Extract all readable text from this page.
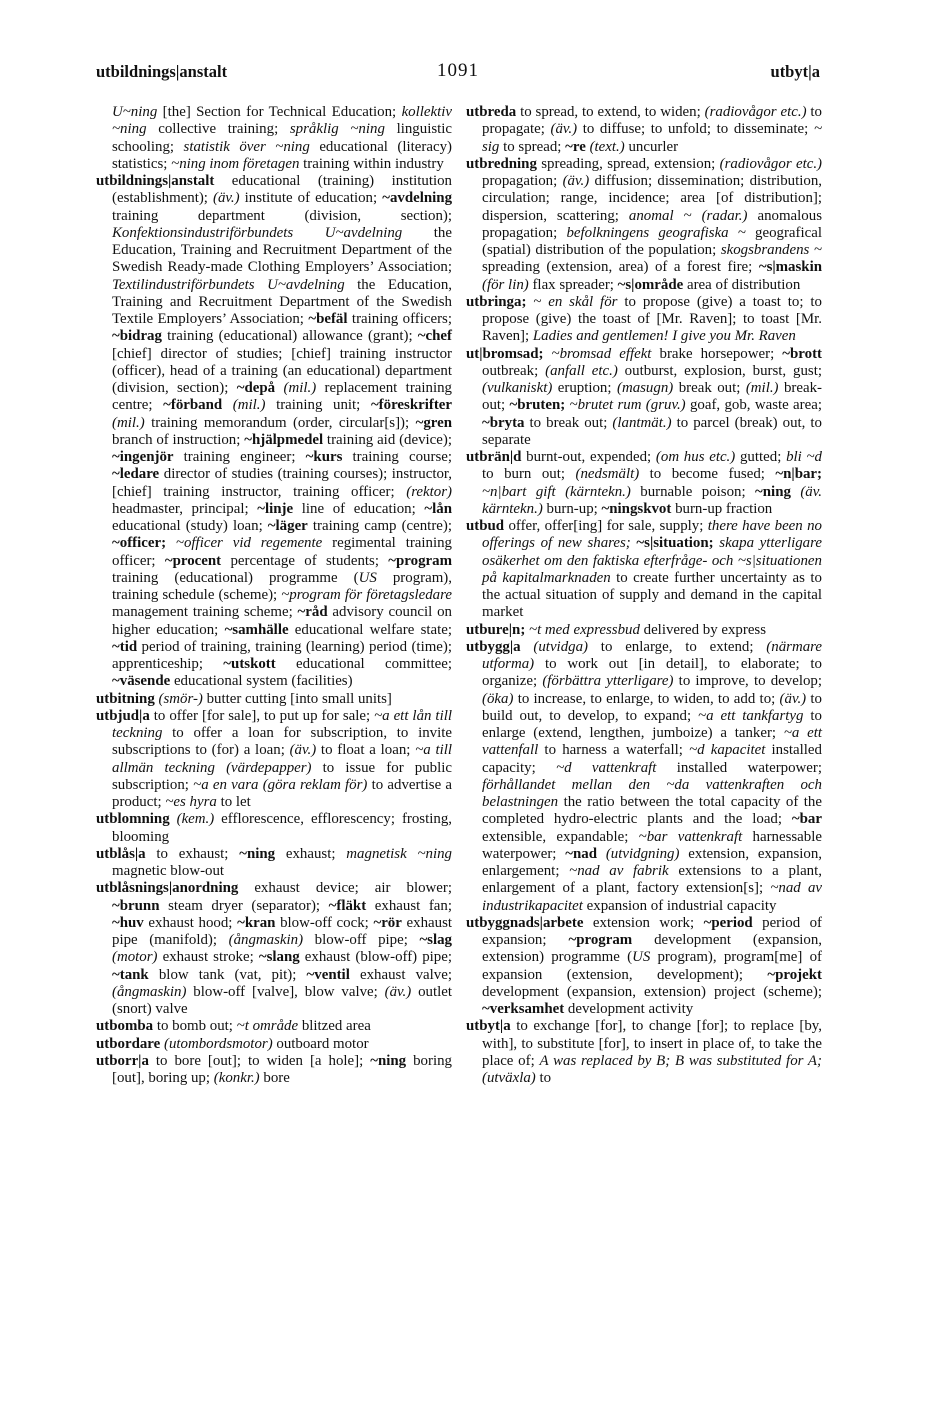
utbildnings|anstalt	1091	utbyt|a

U~ning [the] Section for Technical Education; kollektiv ~ning collective training; språklig ~ning linguistic schooling; statistik över ~ning educational (literacy) statistics; ~ning inom företagen training within industry

utbildnings|anstalt educational (training) institution (establishment); (äv.) institute of education; ~avdelning training department (division, section); Konfektionsindustriförbundets U~avdelning the Education, Training and Recruitment Department of the Swedish Ready-made Clothing Employers’ Association; Textilindustriförbundets U~avdelning the Education, Training and Recruitment Department of the Swedish Textile Employers’ Association; ~befäl training officers; ~bidrag training (educational) allowance (grant); ~chef [chief] director of studies; [chief] training instructor (officer), head of a training (an educational) department (division, section); ~depå (mil.) replacement training centre; ~förband (mil.) training unit; ~föreskrifter (mil.) training memorandum (order, circular[s]); ~gren branch of instruction; ~hjälpmedel training aid (device); ~ingenjör training engineer; ~kurs training course; ~ledare director of studies (training courses); instructor, [chief] training instructor, training officer; (rektor) headmaster, principal; ~linje line of education; ~lån educational (study) loan; ~läger training camp (centre); ~officer; ~officer vid regemente regimental training officer; ~procent percentage of students; ~program training (educational) programme (US program), training schedule (scheme); ~program för företagsledare management training scheme; ~råd advisory council on higher education; ~samhälle educational welfare state; ~tid period of training, training (learning) period (time); apprenticeship; ~utskott educational committee; ~väsende educational system (facilities)

utbitning (smör-) butter cutting [into small units]

utbjud|a to offer [for sale], to put up for sale; ~a ett lån till teckning to offer a loan for subscription, to invite subscriptions to (for) a loan; (äv.) to float a loan; ~a till allmän teckning (värdepapper) to issue for public subscription; ~a en vara (göra reklam för) to advertise a product; ~es hyra to let

utblomning (kem.) efflorescence, efflorescency; frosting, blooming

utblås|a to exhaust; ~ning exhaust; magnetisk ~ning magnetic blow-out

utblåsnings|anordning exhaust device; air blower; ~brunn steam dryer (separator); ~fläkt exhaust fan; ~huv exhaust hood; ~kran blow-off cock; ~rör exhaust pipe (manifold); (ångmaskin) blow-off pipe; ~slag (motor) exhaust stroke; ~slang exhaust (blow-off) pipe; ~tank blow tank (vat, pit); ~ventil exhaust valve; (ångmaskin) blow-off [valve], blow valve; (äv.) outlet (snort) valve

utbomba to bomb out; ~t område blitzed area

utbordare (utombordsmotor) outboard motor

utborr|a to bore [out]; to widen [a hole]; ~ning boring [out], boring up; (konkr.) bore

utbreda to spread, to extend, to widen; (radiovågor etc.) to propagate; (äv.) to diffuse; to unfold; to disseminate; ~ sig to spread; ~re (text.) uncurler

utbredning spreading, spread, extension; (radiovågor etc.) propagation; (äv.) diffusion; dissemination; distribution, circulation; range, incidence; area [of distribution]; dispersion, scattering; anomal ~ (radar.) anomalous propagation; befolkningens geografiska ~ geografical (spatial) distribution of the population; skogsbrandens ~ spreading (extension, area) of a forest fire; ~s|maskin (för lin) flax spreader; ~s|område area of distribution

utbringa; ~ en skål för to propose (give) a toast to; to propose (give) the toast of [Mr. Raven]; to toast [Mr. Raven]; Ladies and gentlemen! I give you Mr. Raven

ut|bromsad; ~bromsad effekt brake horsepower; ~brott outbreak; (anfall etc.) outburst, explosion, burst, gust; (vulkaniskt) eruption; (masugn) break out; (mil.) break-out; ~bruten; ~brutet rum (gruv.) goaf, gob, waste area; ~bryta to break out; (lantmät.) to parcel (break) out, to separate

utbrän|d burnt-out, expended; (om hus etc.) gutted; bli ~d to burn out; (nedsmält) to become fused; ~n|bar; ~n|bart gift (kärntekn.) burnable poison; ~ning (äv. kärntekn.) burn-up; ~ningskvot burn-up fraction

utbud offer, offer[ing] for sale, supply; there have been no offerings of new shares; ~s|situation; skapa ytterligare osäkerhet om den faktiska efterfråge- och ~s|situationen på kapitalmarknaden to create further uncertainty as to the actual situation of supply and demand in the capital market

utbure|n; ~t med expressbud delivered by express

utbygg|a (utvidga) to enlarge, to extend; (närmare utforma) to work out [in detail], to elaborate; to organize; (förbättra ytterligare) to improve, to develop; (öka) to increase, to enlarge, to widen, to add to; (äv.) to build out, to develop, to expand; ~a ett tankfartyg to enlarge (extend, lengthen, jumboize) a tanker; ~a ett vattenfall to harness a waterfall; ~d kapacitet installed capacity; ~d vattenkraft installed waterpower; förhållandet mellan den ~da vattenkraften och belastningen the ratio between the total capacity of the completed hydro-electric plants and the load; ~bar extensible, expandable; ~bar vattenkraft harnessable waterpower; ~nad (utvidgning) extension, expansion, enlargement; ~nad av fabrik extensions to a plant, enlargement of a plant, factory extension[s]; ~nad av industrikapacitet expansion of industrial capacity

utbyggnads|arbete extension work; ~period period of expansion; ~program development (expansion, extension) programme (US program), program[me] of expansion (extension, development); ~projekt development (expansion, extension) project (scheme); ~verksamhet development activity

utbyt|a to exchange [for], to change [for]; to replace [by, with], to substitute [for], to insert in place of, to take the place of; A was replaced by B; B was substituted for A; (utväxla) to
